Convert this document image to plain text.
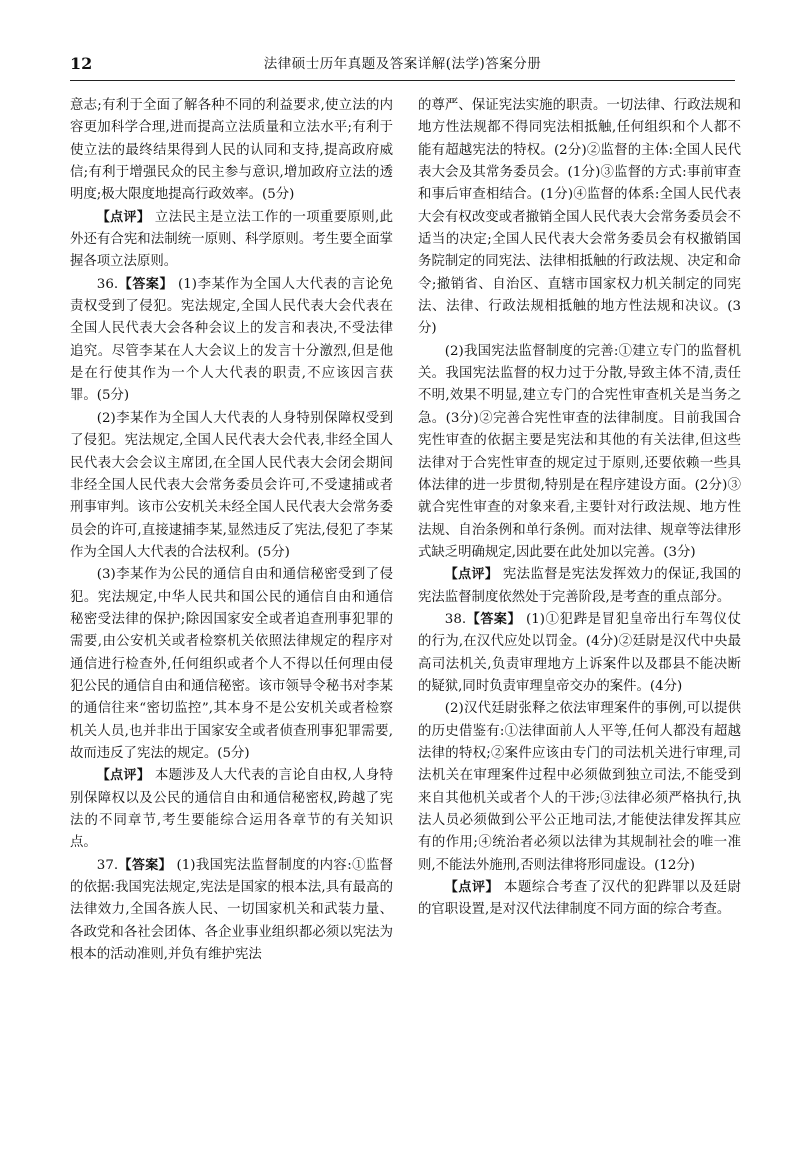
12	法律硕士历年真题及答案详解(法学)答案分册

意志;有利于全面了解各种不同的利益要求,使立法的内容更加科学合理,进而提高立法质量和立法水平;有利于使立法的最终结果得到人民的认同和支持,提高政府威信;有利于增强民众的民主参与意识,增加政府立法的透明度;极大限度地提高行政效率。(5分)

【点评】 立法民主是立法工作的一项重要原则,此外还有合宪和法制统一原则、科学原则。考生要全面掌握各项立法原则。

36.【答案】 (1)李某作为全国人大代表的言论免责权受到了侵犯。宪法规定,全国人民代表大会代表在全国人民代表大会各种会议上的发言和表决,不受法律追究。尽管李某在人大会议上的发言十分激烈,但是他是在行使其作为一个人大代表的职责,不应该因言获罪。(5分)

(2)李某作为全国人大代表的人身特别保障权受到了侵犯。宪法规定,全国人民代表大会代表,非经全国人民代表大会会议主席团,在全国人民代表大会闭会期间非经全国人民代表大会常务委员会许可,不受逮捕或者刑事审判。该市公安机关未经全国人民代表大会常务委员会的许可,直接逮捕李某,显然违反了宪法,侵犯了李某作为全国人大代表的合法权利。(5分)

(3)李某作为公民的通信自由和通信秘密受到了侵犯。宪法规定,中华人民共和国公民的通信自由和通信秘密受法律的保护;除因国家安全或者追查刑事犯罪的需要,由公安机关或者检察机关依照法律规定的程序对通信进行检查外,任何组织或者个人不得以任何理由侵犯公民的通信自由和通信秘密。该市领导令秘书对李某的通信往来“密切监控”,其本身不是公安机关或者检察机关人员,也并非出于国家安全或者侦查刑事犯罪需要,故而违反了宪法的规定。(5分)

【点评】 本题涉及人大代表的言论自由权,人身特别保障权以及公民的通信自由和通信秘密权,跨越了宪法的不同章节,考生要能综合运用各章节的有关知识点。

37.【答案】 (1)我国宪法监督制度的内容:①监督的依据:我国宪法规定,宪法是国家的根本法,具有最高的法律效力,全国各族人民、一切国家机关和武装力量、各政党和各社会团体、各企业事业组织都必须以宪法为根本的活动准则,并负有维护宪法

的尊严、保证宪法实施的职责。一切法律、行政法规和地方性法规都不得同宪法相抵触,任何组织和个人都不能有超越宪法的特权。(2分)②监督的主体:全国人民代表大会及其常务委员会。(1分)③监督的方式:事前审查和事后审查相结合。(1分)④监督的体系:全国人民代表大会有权改变或者撤销全国人民代表大会常务委员会不适当的决定;全国人民代表大会常务委员会有权撤销国务院制定的同宪法、法律相抵触的行政法规、决定和命令;撤销省、自治区、直辖市国家权力机关制定的同宪法、法律、行政法规相抵触的地方性法规和决议。(3分)

(2)我国宪法监督制度的完善:①建立专门的监督机关。我国宪法监督的权力过于分散,导致主体不清,责任不明,效果不明显,建立专门的合宪性审查机关是当务之急。(3分)②完善合宪性审查的法律制度。目前我国合宪性审查的依据主要是宪法和其他的有关法律,但这些法律对于合宪性审查的规定过于原则,还要依赖一些具体法律的进一步贯彻,特别是在程序建设方面。(2分)③就合宪性审查的对象来看,主要针对行政法规、地方性法规、自治条例和单行条例。而对法律、规章等法律形式缺乏明确规定,因此要在此处加以完善。(3分)

【点评】 宪法监督是宪法发挥效力的保证,我国的宪法监督制度依然处于完善阶段,是考查的重点部分。

38.【答案】 (1)①犯跸是冒犯皇帝出行车驾仪仗的行为,在汉代应处以罚金。(4分)②廷尉是汉代中央最高司法机关,负责审理地方上诉案件以及郡县不能决断的疑狱,同时负责审理皇帝交办的案件。(4分)

(2)汉代廷尉张释之依法审理案件的事例,可以提供的历史借鉴有:①法律面前人人平等,任何人都没有超越法律的特权;②案件应该由专门的司法机关进行审理,司法机关在审理案件过程中必须做到独立司法,不能受到来自其他机关或者个人的干涉;③法律必须严格执行,执法人员必须做到公平公正地司法,才能使法律发挥其应有的作用;④统治者必须以法律为其规制社会的唯一准则,不能法外施刑,否则法律将形同虚设。(12分)

【点评】 本题综合考查了汉代的犯跸罪以及廷尉的官职设置,是对汉代法律制度不同方面的综合考查。
